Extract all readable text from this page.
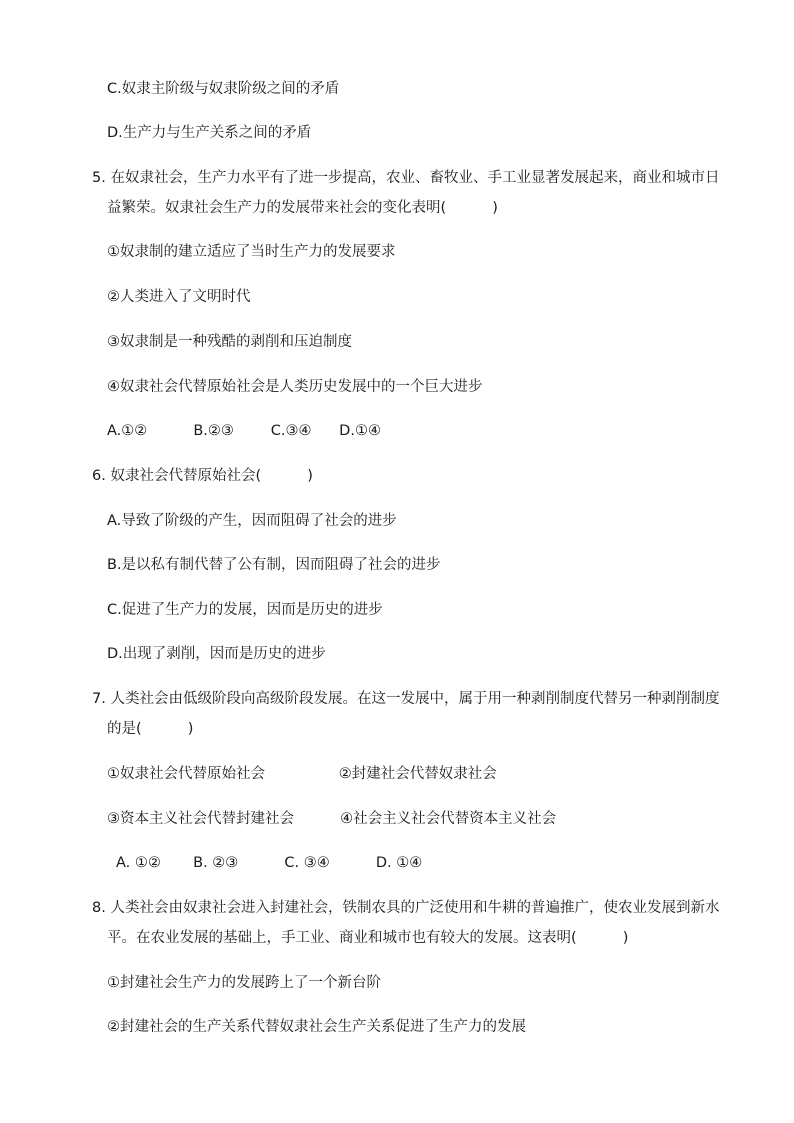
C.奴隶主阶级与奴隶阶级之间的矛盾

D.生产力与生产关系之间的矛盾

5. 在奴隶社会，生产力水平有了进一步提高，农业、畜牧业、手工业显著发展起来，商业和城市日

益繁荣。奴隶社会生产力的发展带来社会的变化表明(          )

①奴隶制的建立适应了当时生产力的发展要求

②人类进入了文明时代

③奴隶制是一种残酷的剥削和压迫制度

④奴隶社会代替原始社会是人类历史发展中的一个巨大进步

A.①②          B.②③        C.③④      D.①④

6. 奴隶社会代替原始社会(          )

A.导致了阶级的产生，因而阻碍了社会的进步

B.是以私有制代替了公有制，因而阻碍了社会的进步

C.促进了生产力的发展，因而是历史的进步

D.出现了剥削，因而是历史的进步

7. 人类社会由低级阶段向高级阶段发展。在这一发展中，属于用一种剥削制度代替另一种剥削制度

的是(          )

①奴隶社会代替原始社会                ②封建社会代替奴隶社会

③资本主义社会代替封建社会          ④社会主义社会代替资本主义社会

A. ①②       B. ②③          C. ③④          D. ①④

8. 人类社会由奴隶社会进入封建社会，铁制农具的广泛使用和牛耕的普遍推广，使农业发展到新水

平。在农业发展的基础上，手工业、商业和城市也有较大的发展。这表明(          )

①封建社会生产力的发展跨上了一个新台阶

②封建社会的生产关系代替奴隶社会生产关系促进了生产力的发展
